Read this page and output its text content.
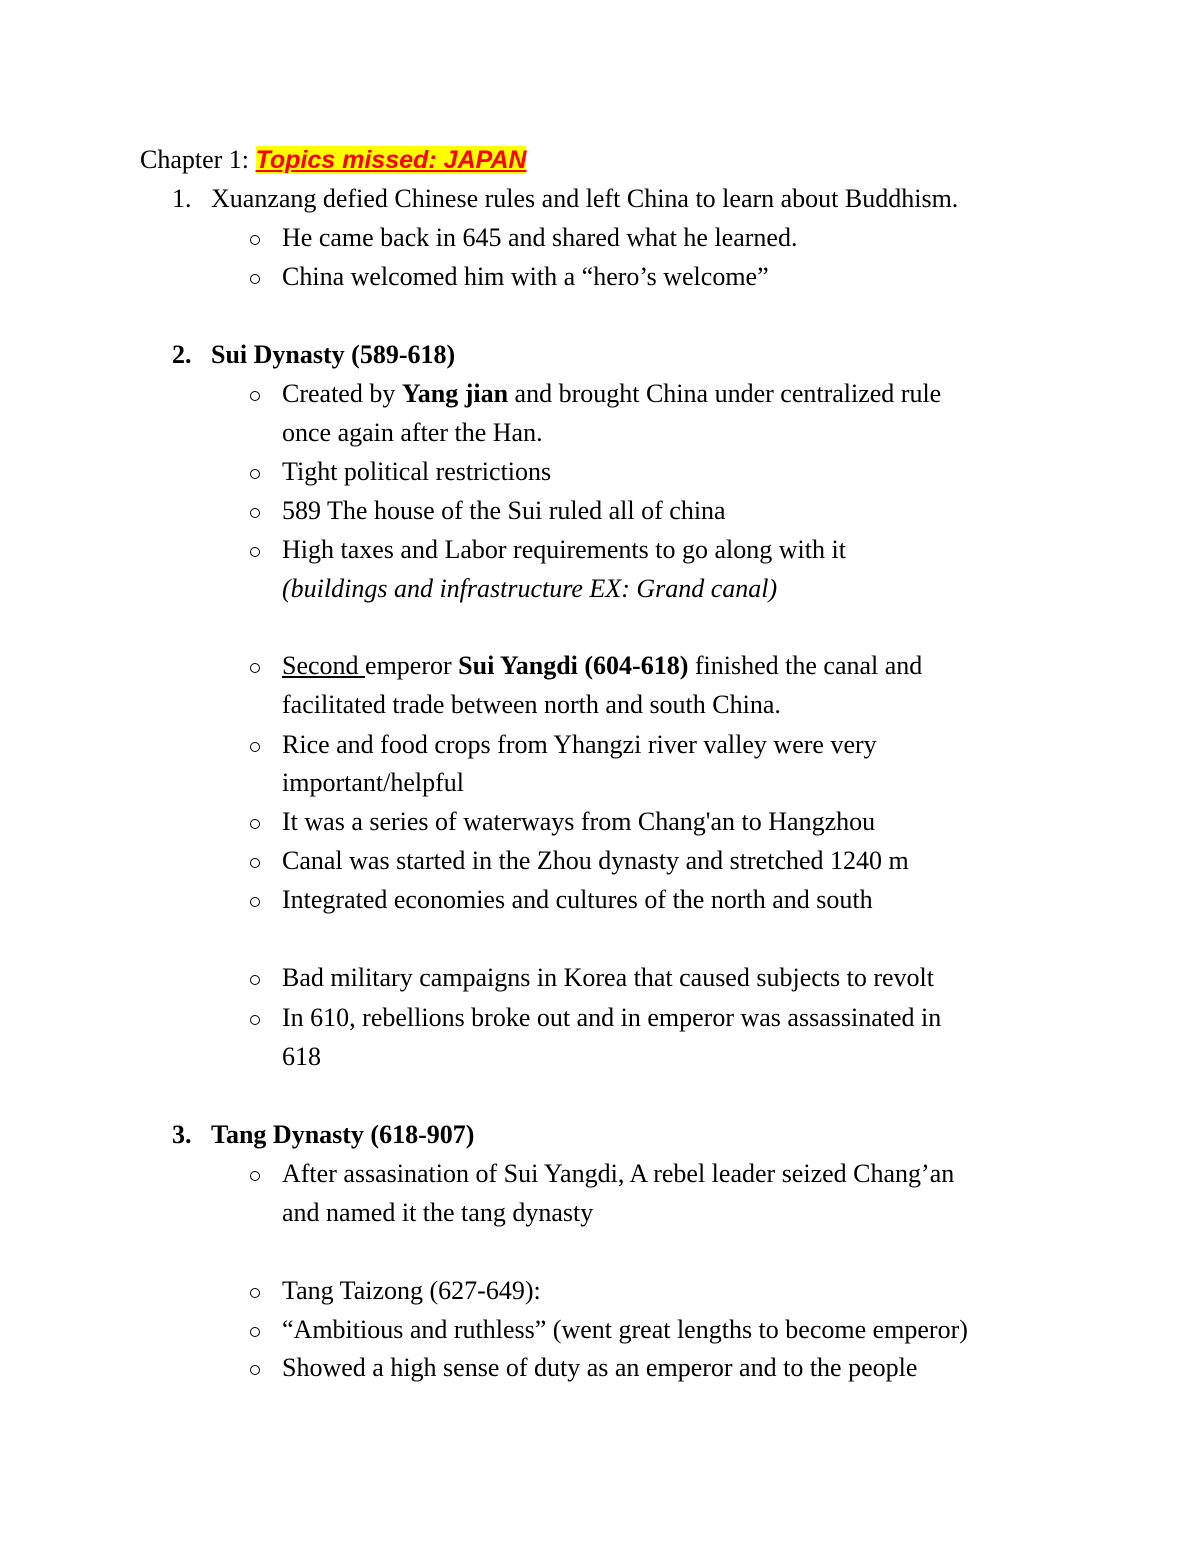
Chapter 1: Topics missed: JAPAN
1. Xuanzang defied Chinese rules and left China to learn about Buddhism.
He came back in 645 and shared what he learned.
China welcomed him with a “hero’s welcome”
2. Sui Dynasty (589-618)
Created by Yang jian and brought China under centralized rule
once again after the Han.
Tight political restrictions
589 The house of the Sui ruled all of china
High taxes and Labor requirements to go along with it
(buildings and infrastructure EX: Grand canal)
Second emperor Sui Yangdi (604-618) finished the canal and
facilitated trade between north and south China.
Rice and food crops from Yhangzi river valley were very
important/helpful
It was a series of waterways from Chang'an to Hangzhou
Canal was started in the Zhou dynasty and stretched 1240 m
Integrated economies and cultures of the north and south
Bad military campaigns in Korea that caused subjects to revolt
In 610, rebellions broke out and in emperor was assassinated in
618
3. Tang Dynasty (618-907)
After assasination of Sui Yangdi, A rebel leader seized Chang’an
and named it the tang dynasty
Tang Taizong (627-649):
“Ambitious and ruthless” (went great lengths to become emperor)
Showed a high sense of duty as an emperor and to the people
